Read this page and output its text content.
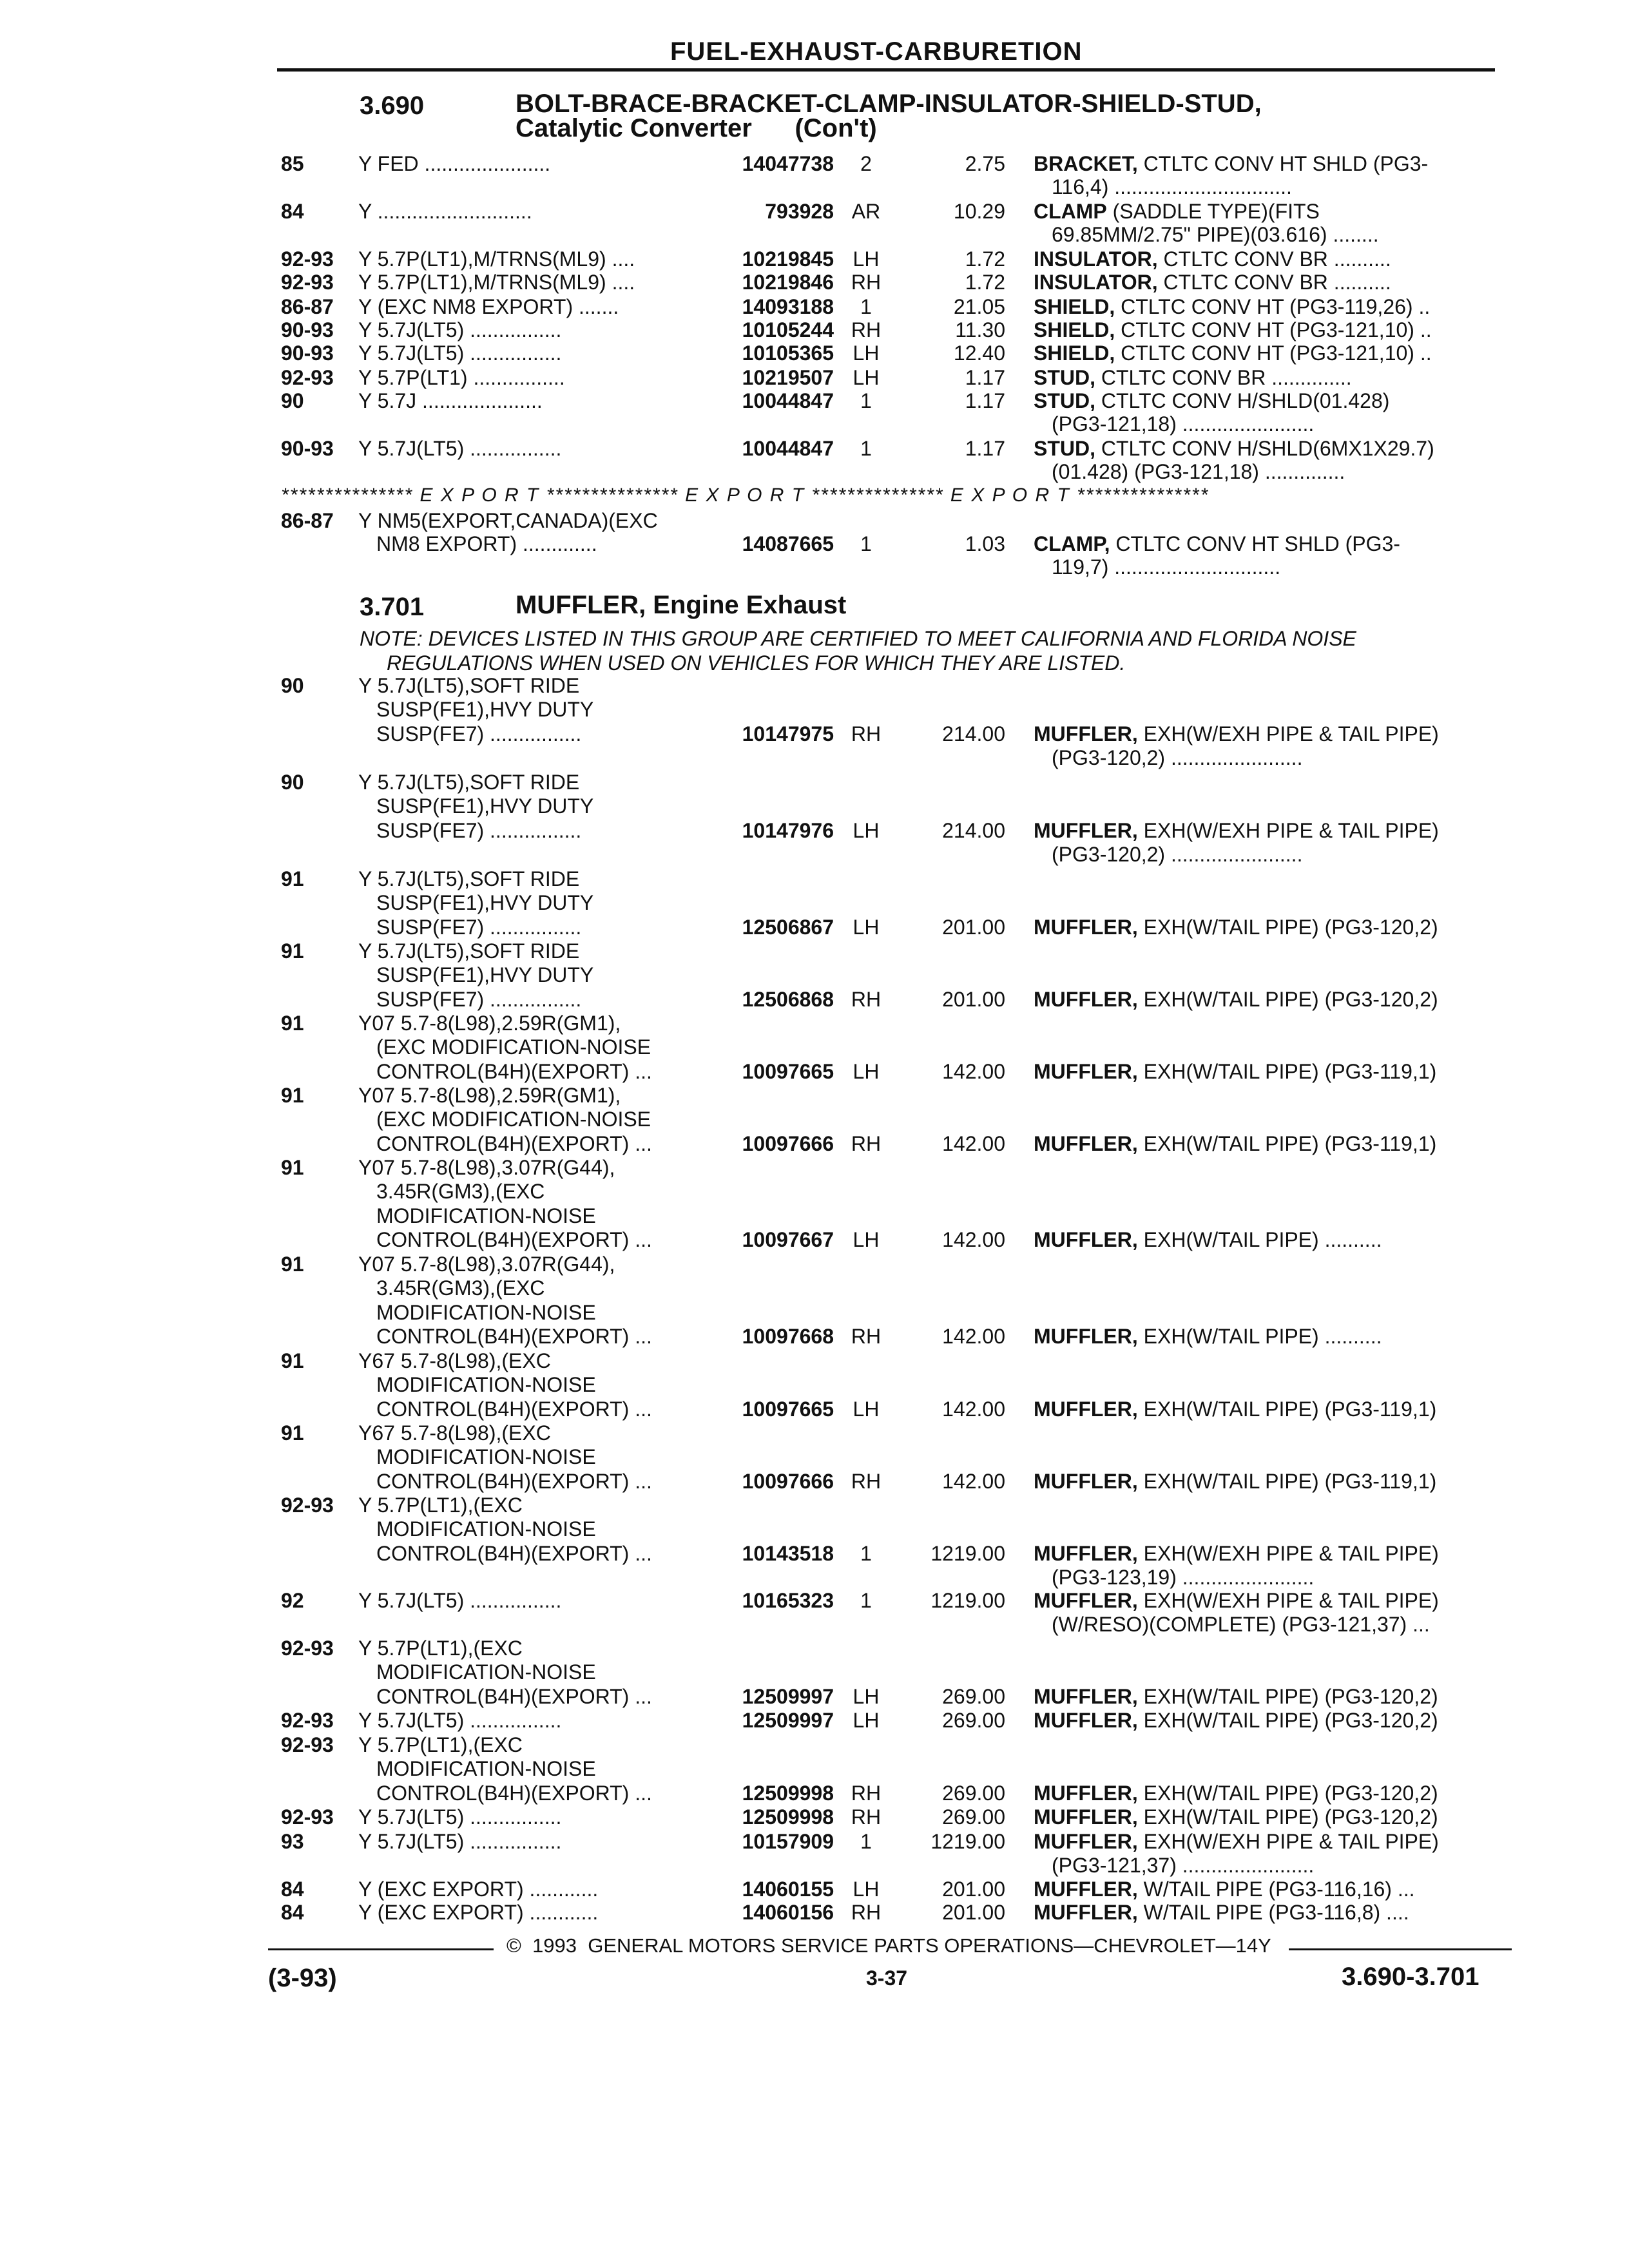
FUEL-EXHAUST-CARBURETION
3.690	BOLT-BRACE-BRACKET-CLAMP-INSULATOR-SHIELD-STUD,
Catalytic Converter      (Con't)
85	Y FED ......................	14047738	2	2.75 BRACKET, CTLTC CONV HT SHLD (PG3-
116,4) ...............................
84	Y ...........................	793928 AR	10.29 CLAMP (SADDLE TYPE)(FITS
69.85MM/2.75" PIPE)(03.616) ........
92-93 Y 5.7P(LT1),M/TRNS(ML9) ....	10219845 LH	1.72 INSULATOR, CTLTC CONV BR ..........
92-93 Y 5.7P(LT1),M/TRNS(ML9) ....	10219846 RH	1.72 INSULATOR, CTLTC CONV BR ..........
86-87 Y (EXC NM8 EXPORT) .......	14093188	1	21.05 SHIELD, CTLTC CONV HT (PG3-119,26) ..
90-93 Y 5.7J(LT5) ................	10105244 RH	11.30 SHIELD, CTLTC CONV HT (PG3-121,10) ..
90-93 Y 5.7J(LT5) ................	10105365 LH	12.40 SHIELD, CTLTC CONV HT (PG3-121,10) ..
92-93 Y 5.7P(LT1) ................	10219507 LH	1.17 STUD, CTLTC CONV BR ..............
90	Y 5.7J .....................	10044847	1	1.17 STUD, CTLTC CONV H/SHLD(01.428)
(PG3-121,18) .......................
90-93 Y 5.7J(LT5) ................	10044847	1	1.17 STUD, CTLTC CONV H/SHLD(6MX1X29.7)
(01.428) (PG3-121,18) ..............
*************** E X P O R T *************** E X P O R T *************** E X P O R T ***************
86-87 Y NM5(EXPORT,CANADA)(EXC
NM8 EXPORT) .............	14087665	1	1.03 CLAMP, CTLTC CONV HT SHLD (PG3-
119,7) .............................
3.701	MUFFLER, Engine Exhaust
NOTE: DEVICES LISTED IN THIS GROUP ARE CERTIFIED TO MEET CALIFORNIA AND FLORIDA NOISE
REGULATIONS WHEN USED ON VEHICLES FOR WHICH THEY ARE LISTED.
90	Y 5.7J(LT5),SOFT RIDE
SUSP(FE1),HVY DUTY
SUSP(FE7) ................	10147975 RH	214.00 MUFFLER, EXH(W/EXH PIPE & TAIL PIPE)
(PG3-120,2) .......................
90	Y 5.7J(LT5),SOFT RIDE
SUSP(FE1),HVY DUTY
SUSP(FE7) ................	10147976 LH	214.00 MUFFLER, EXH(W/EXH PIPE & TAIL PIPE)
(PG3-120,2) .......................
91	Y 5.7J(LT5),SOFT RIDE
SUSP(FE1),HVY DUTY
SUSP(FE7) ................	12506867 LH	201.00 MUFFLER, EXH(W/TAIL PIPE) (PG3-120,2)
91	Y 5.7J(LT5),SOFT RIDE
SUSP(FE1),HVY DUTY
SUSP(FE7) ................	12506868 RH	201.00 MUFFLER, EXH(W/TAIL PIPE) (PG3-120,2)
91	Y07 5.7-8(L98),2.59R(GM1),
(EXC MODIFICATION-NOISE
CONTROL(B4H)(EXPORT) ...	10097665 LH	142.00 MUFFLER, EXH(W/TAIL PIPE) (PG3-119,1)
91	Y07 5.7-8(L98),2.59R(GM1),
(EXC MODIFICATION-NOISE
CONTROL(B4H)(EXPORT) ...	10097666 RH	142.00 MUFFLER, EXH(W/TAIL PIPE) (PG3-119,1)
91	Y07 5.7-8(L98),3.07R(G44),
3.45R(GM3),(EXC
MODIFICATION-NOISE
CONTROL(B4H)(EXPORT) ...	10097667 LH	142.00 MUFFLER, EXH(W/TAIL PIPE) ..........
91	Y07 5.7-8(L98),3.07R(G44),
3.45R(GM3),(EXC
MODIFICATION-NOISE
CONTROL(B4H)(EXPORT) ...	10097668 RH	142.00 MUFFLER, EXH(W/TAIL PIPE) ..........
91	Y67 5.7-8(L98),(EXC
MODIFICATION-NOISE
CONTROL(B4H)(EXPORT) ...	10097665 LH	142.00 MUFFLER, EXH(W/TAIL PIPE) (PG3-119,1)
91	Y67 5.7-8(L98),(EXC
MODIFICATION-NOISE
CONTROL(B4H)(EXPORT) ...	10097666 RH	142.00 MUFFLER, EXH(W/TAIL PIPE) (PG3-119,1)
92-93 Y 5.7P(LT1),(EXC
MODIFICATION-NOISE
CONTROL(B4H)(EXPORT) ...	10143518	1	1219.00 MUFFLER, EXH(W/EXH PIPE & TAIL PIPE)
(PG3-123,19) .......................
92	Y 5.7J(LT5) ................	10165323	1	1219.00 MUFFLER, EXH(W/EXH PIPE & TAIL PIPE)
(W/RESO)(COMPLETE) (PG3-121,37) ...
92-93 Y 5.7P(LT1),(EXC
MODIFICATION-NOISE
CONTROL(B4H)(EXPORT) ...	12509997 LH	269.00 MUFFLER, EXH(W/TAIL PIPE) (PG3-120,2)
92-93 Y 5.7J(LT5) ................	12509997 LH	269.00 MUFFLER, EXH(W/TAIL PIPE) (PG3-120,2)
92-93 Y 5.7P(LT1),(EXC
MODIFICATION-NOISE
CONTROL(B4H)(EXPORT) ...	12509998 RH	269.00 MUFFLER, EXH(W/TAIL PIPE) (PG3-120,2)
92-93 Y 5.7J(LT5) ................	12509998 RH	269.00 MUFFLER, EXH(W/TAIL PIPE) (PG3-120,2)
93	Y 5.7J(LT5) ................	10157909	1	1219.00 MUFFLER, EXH(W/EXH PIPE & TAIL PIPE)
(PG3-121,37) .......................
84	Y (EXC EXPORT) ............	14060155 LH	201.00 MUFFLER, W/TAIL PIPE (PG3-116,16) ...
84	Y (EXC EXPORT) ............	14060156 RH	201.00 MUFFLER, W/TAIL PIPE (PG3-116,8) ....
©  1993  GENERAL MOTORS SERVICE PARTS OPERATIONS—CHEVROLET—14Y
(3-93)	3-37	3.690-3.701
